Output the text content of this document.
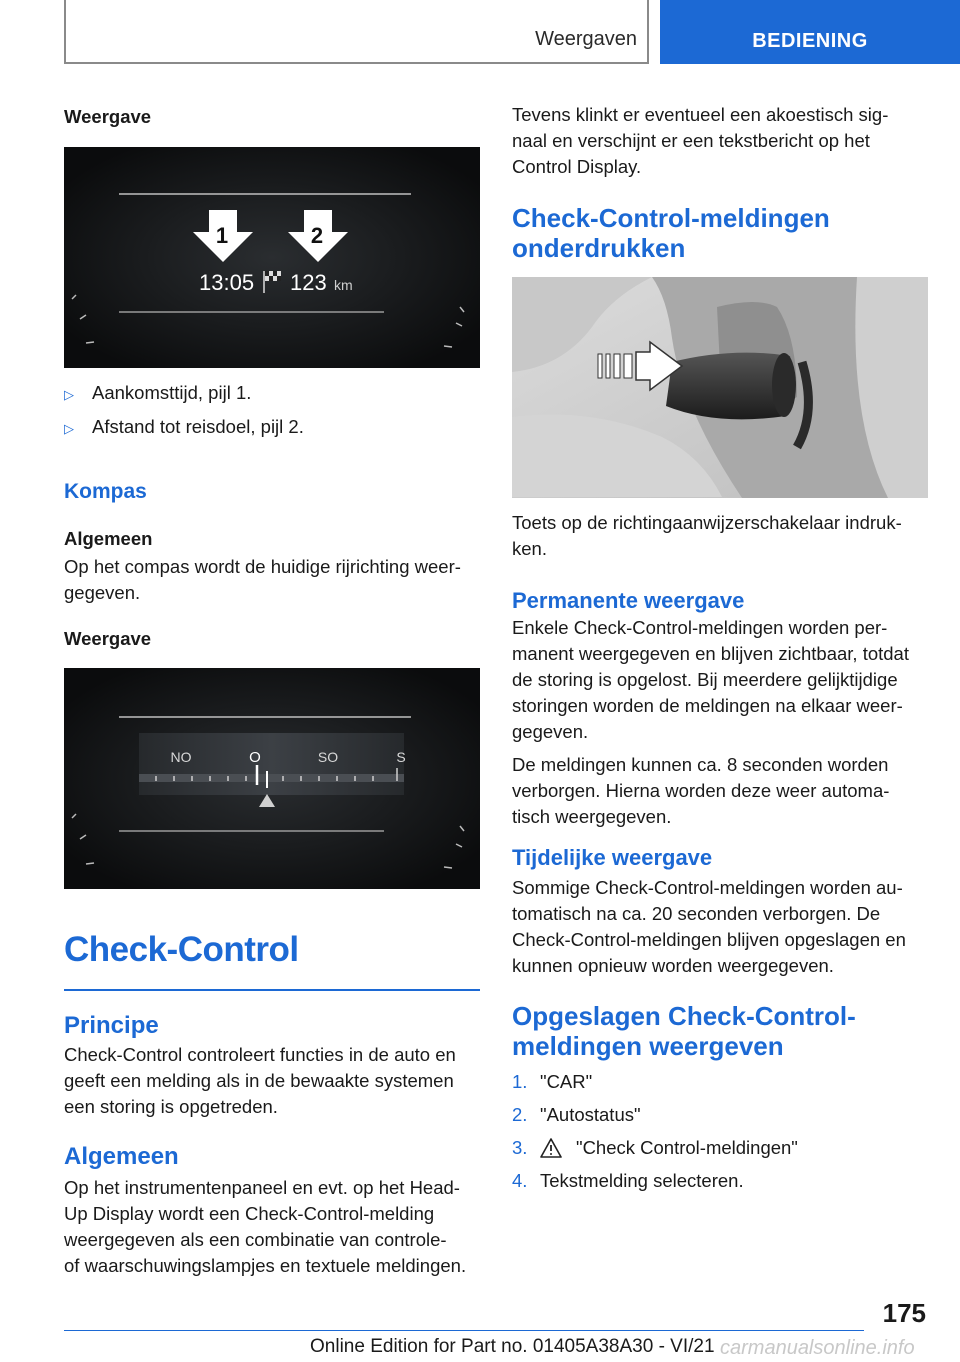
Weergaven	BEDIENING
Weergave
1	2
13:05 123 km
▷ Aankomsttijd, pijl 1.
▷ Afstand tot reisdoel, pijl 2.
Kompas
Algemeen
Op het compas wordt de huidige rijrichting weer-
gegeven.
Weergave
NO	O	SO	S
Check-Control
Principe
Check-Control controleert functies in de auto en geeft een melding als in de bewaakte systemen een storing is opgetreden.
Algemeen
Op het instrumentenpaneel en evt. op het Head-Up Display wordt een Check-Control-melding weergegeven als een combinatie van controle-
of waarschuwingslampjes en textuele meldingen.
Tevens klinkt er eventueel een akoestisch sig-
naal en verschijnt er een tekstbericht op het Control Display.
Check-Control-meldingen onderdrukken
Toets op de richtingaanwijzerschakelaar indruk-
ken.
Permanente weergave
Enkele Check-Control-meldingen worden per-
manent weergegeven en blijven zichtbaar, totdat de storing is opgelost. Bij meerdere gelijktijdige storingen worden de meldingen na elkaar weer-
gegeven.
De meldingen kunnen ca. 8 seconden worden verborgen. Hierna worden deze weer automa-
tisch weergegeven.
Tijdelijke weergave
Sommige Check-Control-meldingen worden au-
tomatisch na ca. 20 seconden verborgen. De Check-Control-meldingen blijven opgeslagen en kunnen opnieuw worden weergegeven.
Opgeslagen Check-Control-meldingen weergeven
1. "CAR"
2. "Autostatus"
3.	"Check Control-meldingen"
4. Tekstmelding selecteren.
175
Online Edition for Part no. 01405A38A30 - VI/21 carmanualsonline.info
